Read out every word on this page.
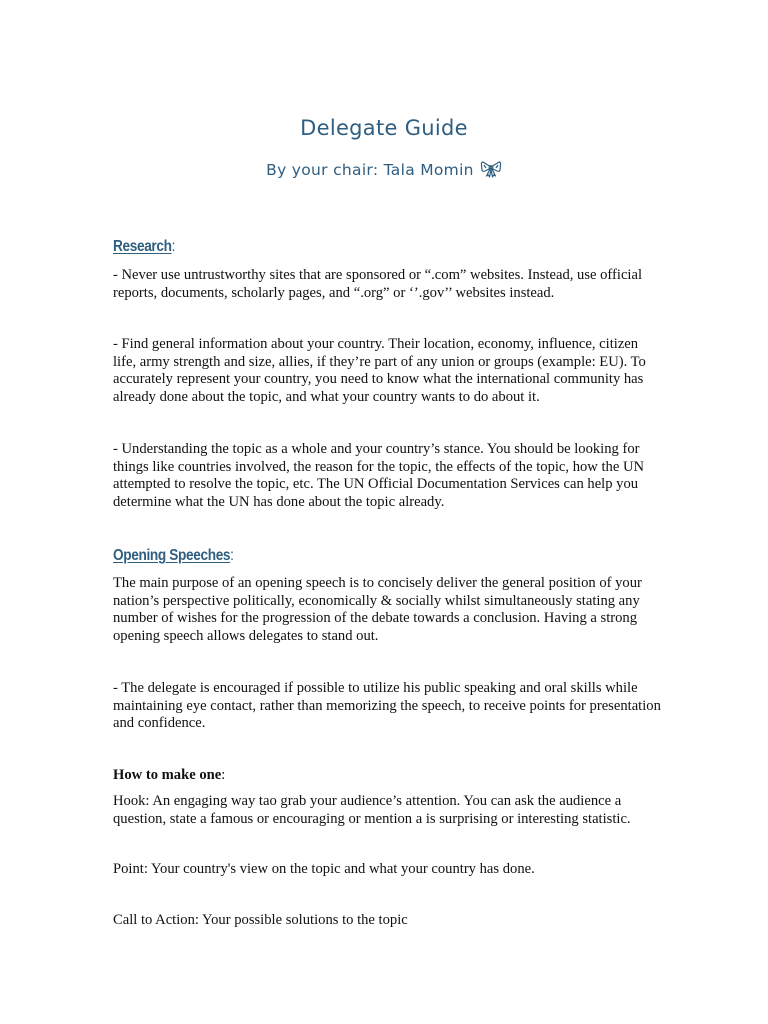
Delegate Guide
By your chair: Tala Momin
Research:

- Never use untrustworthy sites that are sponsored or “.com” websites. Instead, use official reports, documents, scholarly pages, and “.org” or ‘’.gov’’ websites instead.

- Find general information about your country. Their location, economy, influence, citizen life, army strength and size, allies, if they’re part of any union or groups (example: EU). To accurately represent your country, you need to know what the international community has already done about the topic, and what your country wants to do about it.

- Understanding the topic as a whole and your country’s stance. You should be looking for things like countries involved, the reason for the topic, the effects of the topic, how the UN attempted to resolve the topic, etc. The UN Official Documentation Services can help you determine what the UN has done about the topic already.

Opening Speeches:

The main purpose of an opening speech is to concisely deliver the general position of your nation’s perspective politically, economically & socially whilst simultaneously stating any number of wishes for the progression of the debate towards a conclusion. Having a strong opening speech allows delegates to stand out.

- The delegate is encouraged if possible to utilize his public speaking and oral skills while maintaining eye contact, rather than memorizing the speech, to receive points for presentation and confidence.

How to make one:

Hook: An engaging way tao grab your audience’s attention. You can ask the audience a question, state a famous or encouraging or mention a is surprising or interesting statistic.

Point: Your country's view on the topic and what your country has done.

Call to Action: Your possible solutions to the topic
